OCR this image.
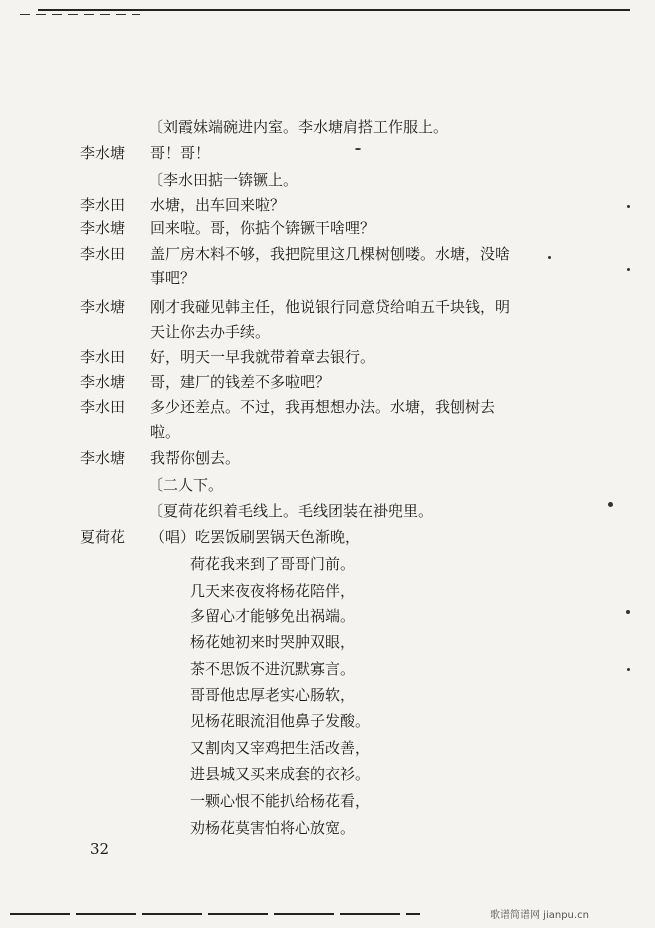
〔刘霞妹端碗进内室。李水塘肩搭工作服上。
李水塘 哥！哥！
〔李水田掂一锛镢上。
李水田 水塘，出车回来啦？
李水塘 回来啦。哥，你掂个锛镢干啥哩？
李水田 盖厂房木料不够，我把院里这几棵树刨喽。水塘，没啥
事吧？
李水塘 刚才我碰见韩主任，他说银行同意贷给咱五千块钱，明
天让你去办手续。
李水田 好，明天一早我就带着章去银行。
李水塘 哥，建厂的钱差不多啦吧？
李水田 多少还差点。不过，我再想想办法。水塘，我刨树去
啦。
李水塘 我帮你刨去。
〔二人下。
〔夏荷花织着毛线上。毛线团装在褂兜里。
夏荷花 （唱）吃罢饭刷罢锅天色渐晚，
荷花我来到了哥哥门前。
几天来夜夜将杨花陪伴，
多留心才能够免出祸端。
杨花她初来时哭肿双眼，
茶不思饭不进沉默寡言。
哥哥他忠厚老实心肠软，
见杨花眼流泪他鼻子发酸。
又割肉又宰鸡把生活改善，
进县城又买来成套的衣衫。
一颗心恨不能扒给杨花看，
劝杨花莫害怕将心放宽。
32
歌谱简谱网 jianpu.cn
